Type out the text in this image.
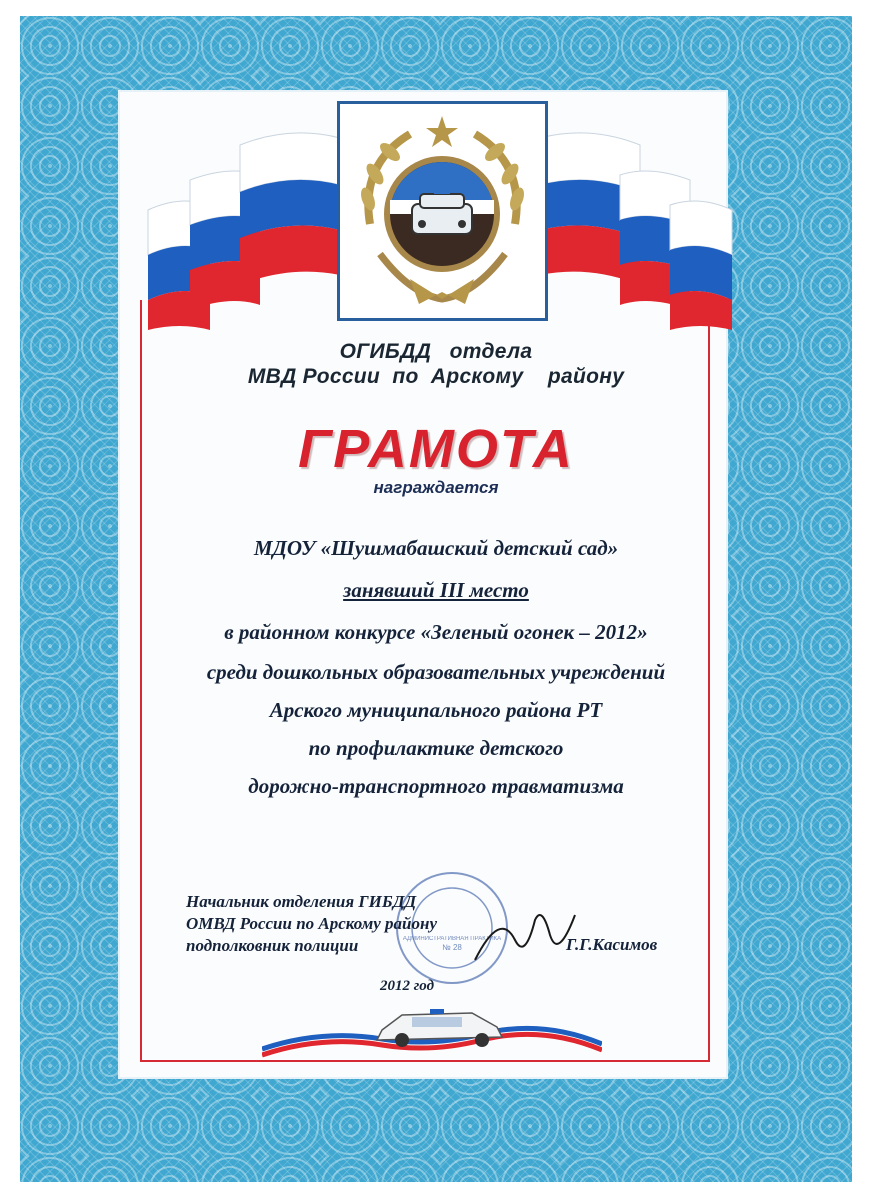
ОГИБДД   отдела
МВД России  по  Арскому    району
ГРАМОТА
награждается
МДОУ «Шушмабашский детский сад»
занявший III место
в районном конкурсе «Зеленый огонек – 2012»
среди дошкольных образовательных учреждений
Арского муниципального района РТ
по профилактике детского
дорожно-транспортного травматизма
АДМИНИСТРАТИВНАЯ ПРАКТИКА
№ 28
Начальник отделения ГИБДД
ОМВД России по Арскому району
подполковник полиции	Г.Г.Касимов
2012 год
